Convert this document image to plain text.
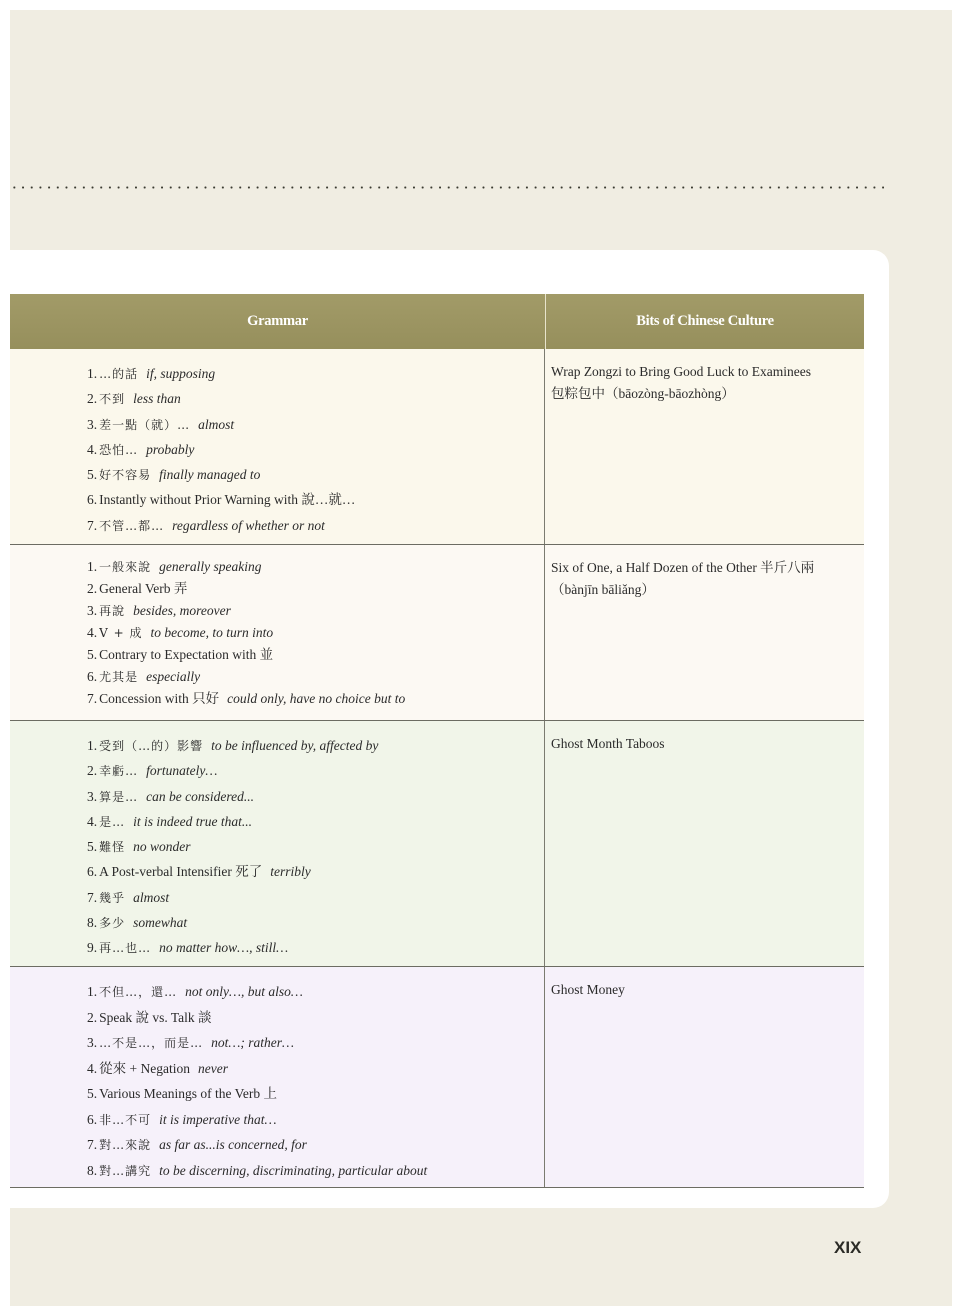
Grammar	Bits of Chinese Culture
1. …的話 if, supposing
2. 不到 less than
3. 差一點（就）… almost
4. 恐怕… probably
5. 好不容易 finally managed to
6. Instantly without Prior Warning with 說…就…
7. 不管…都… regardless of whether or not
Wrap Zongzi to Bring Good Luck to Examinees
包粽包中（bāozòng-bāozhòng）
1. 一般來說 generally speaking
2. General Verb 弄
3. 再說 besides, moreover
4. V + 成 to become, to turn into
5. Contrary to Expectation with 並
6. 尤其是 especially
7. Concession with 只好 could only, have no choice but to
Six of One, a Half Dozen of the Other 半斤八兩
（bànjīn bāliǎng）
1. 受到（…的）影響 to be influenced by, affected by
2. 幸虧… fortunately…
3. 算是… can be considered...
4. 是… it is indeed true that...
5. 難怪 no wonder
6. A Post-verbal Intensifier 死了 terribly
7. 幾乎 almost
8. 多少 somewhat
9. 再…也… no matter how…, still…
Ghost Month Taboos
1. 不但…，還… not only…, but also…
2. Speak 說 vs. Talk 談
3. …不是…，而是… not…; rather…
4. 從來 + Negation never
5. Various Meanings of the Verb 上
6. 非…不可 it is imperative that…
7. 對…來說 as far as...is concerned, for
8. 對…講究 to be discerning, discriminating, particular about
Ghost Money
XIX
